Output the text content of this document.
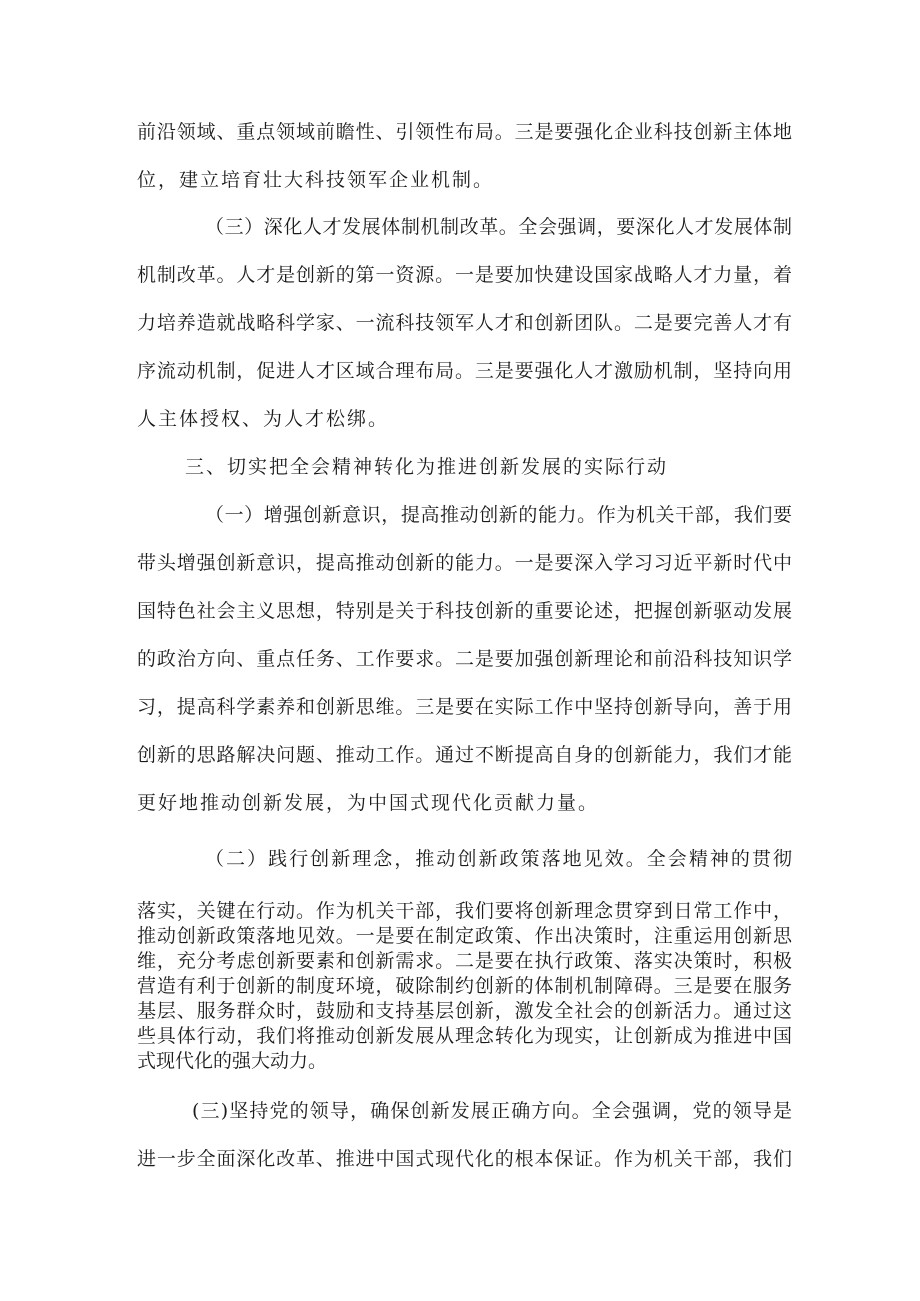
前沿领域、重点领域前瞻性、引领性布局。三是要强化企业科技创新主体地
位，建立培育壮大科技领军企业机制。
（三）深化人才发展体制机制改革。全会强调，要深化人才发展体制
机制改革。人才是创新的第一资源。一是要加快建设国家战略人才力量，着
力培养造就战略科学家、一流科技领军人才和创新团队。二是要完善人才有
序流动机制，促进人才区域合理布局。三是要强化人才激励机制，坚持向用
人主体授权、为人才松绑。
三、切实把全会精神转化为推进创新发展的实际行动
（一）增强创新意识，提高推动创新的能力。作为机关干部，我们要
带头增强创新意识，提高推动创新的能力。一是要深入学习习近平新时代中
国特色社会主义思想，特别是关于科技创新的重要论述，把握创新驱动发展
的政治方向、重点任务、工作要求。二是要加强创新理论和前沿科技知识学
习，提高科学素养和创新思维。三是要在实际工作中坚持创新导向，善于用
创新的思路解决问题、推动工作。通过不断提高自身的创新能力，我们才能
更好地推动创新发展，为中国式现代化贡献力量。
（二）践行创新理念，推动创新政策落地见效。全会精神的贯彻
落实，关键在行动。作为机关干部，我们要将创新理念贯穿到日常工作中，
推动创新政策落地见效。一是要在制定政策、作出决策时，注重运用创新思
维，充分考虑创新要素和创新需求。二是要在执行政策、落实决策时，积极
营造有利于创新的制度环境，破除制约创新的体制机制障碍。三是要在服务
基层、服务群众时，鼓励和支持基层创新，激发全社会的创新活力。通过这
些具体行动，我们将推动创新发展从理念转化为现实，让创新成为推进中国
式现代化的强大动力。
(三)坚持党的领导，确保创新发展正确方向。全会强调，党的领导是
进一步全面深化改革、推进中国式现代化的根本保证。作为机关干部，我们
